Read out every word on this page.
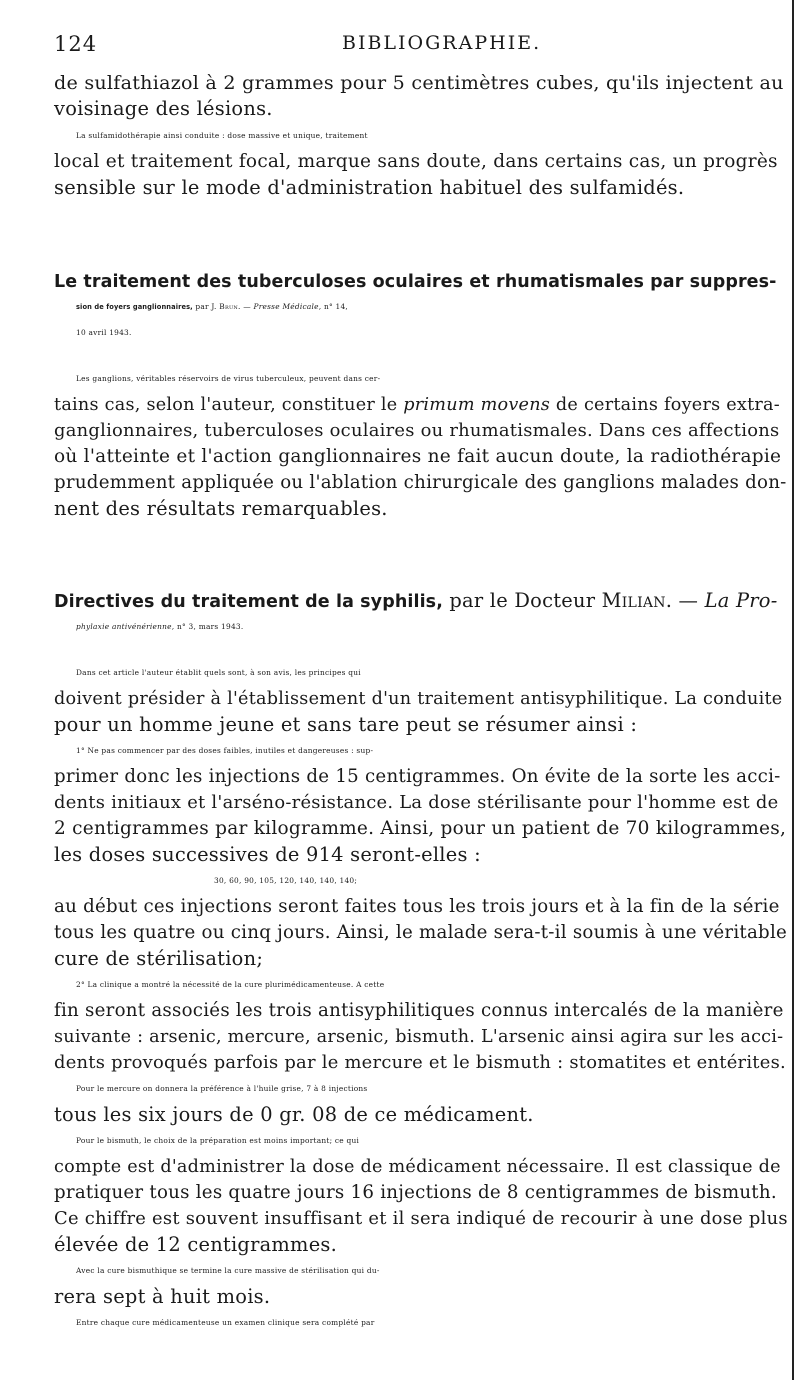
124	BIBLIOGRAPHIE.
de sulfathiazol à 2 grammes pour 5 centimètres cubes, qu'ils injectent au
voisinage des lésions.
La sulfamidothérapie ainsi conduite : dose massive et unique, traitement
local et traitement focal, marque sans doute, dans certains cas, un progrès
sensible sur le mode d'administration habituel des sulfamidés.
Le traitement des tuberculoses oculaires et rhumatismales par suppres-
sion de foyers ganglionnaires, par J. Brun. — Presse Médicale, n° 14,
10 avril 1943.
Les ganglions, véritables réservoirs de virus tuberculeux, peuvent dans cer-
tains cas, selon l'auteur, constituer le primum movens de certains foyers extra-
ganglionnaires, tuberculoses oculaires ou rhumatismales. Dans ces affections
où l'atteinte et l'action ganglionnaires ne fait aucun doute, la radiothérapie
prudemment appliquée ou l'ablation chirurgicale des ganglions malades don-
nent des résultats remarquables.
Directives du traitement de la syphilis, par le Docteur Milian. — La Pro-
phylaxie antivénérienne, n° 3, mars 1943.
Dans cet article l'auteur établit quels sont, à son avis, les principes qui
doivent présider à l'établissement d'un traitement antisyphilitique. La conduite
pour un homme jeune et sans tare peut se résumer ainsi :
1° Ne pas commencer par des doses faibles, inutiles et dangereuses : sup-
primer donc les injections de 15 centigrammes. On évite de la sorte les acci-
dents initiaux et l'arséno-résistance. La dose stérilisante pour l'homme est de
2 centigrammes par kilogramme. Ainsi, pour un patient de 70 kilogrammes,
les doses successives de 914 seront-elles :
30, 60, 90, 105, 120, 140, 140, 140;
au début ces injections seront faites tous les trois jours et à la fin de la série
tous les quatre ou cinq jours. Ainsi, le malade sera-t-il soumis à une véritable
cure de stérilisation;
2° La clinique a montré la nécessité de la cure plurimédicamenteuse. A cette
fin seront associés les trois antisyphilitiques connus intercalés de la manière
suivante : arsenic, mercure, arsenic, bismuth. L'arsenic ainsi agira sur les acci-
dents provoqués parfois par le mercure et le bismuth : stomatites et entérites.
Pour le mercure on donnera la préférence à l'huile grise, 7 à 8 injections
tous les six jours de 0 gr. 08 de ce médicament.
Pour le bismuth, le choix de la préparation est moins important; ce qui
compte est d'administrer la dose de médicament nécessaire. Il est classique de
pratiquer tous les quatre jours 16 injections de 8 centigrammes de bismuth.
Ce chiffre est souvent insuffisant et il sera indiqué de recourir à une dose plus
élevée de 12 centigrammes.
Avec la cure bismuthique se termine la cure massive de stérilisation qui du-
rera sept à huit mois.
Entre chaque cure médicamenteuse un examen clinique sera complété par
